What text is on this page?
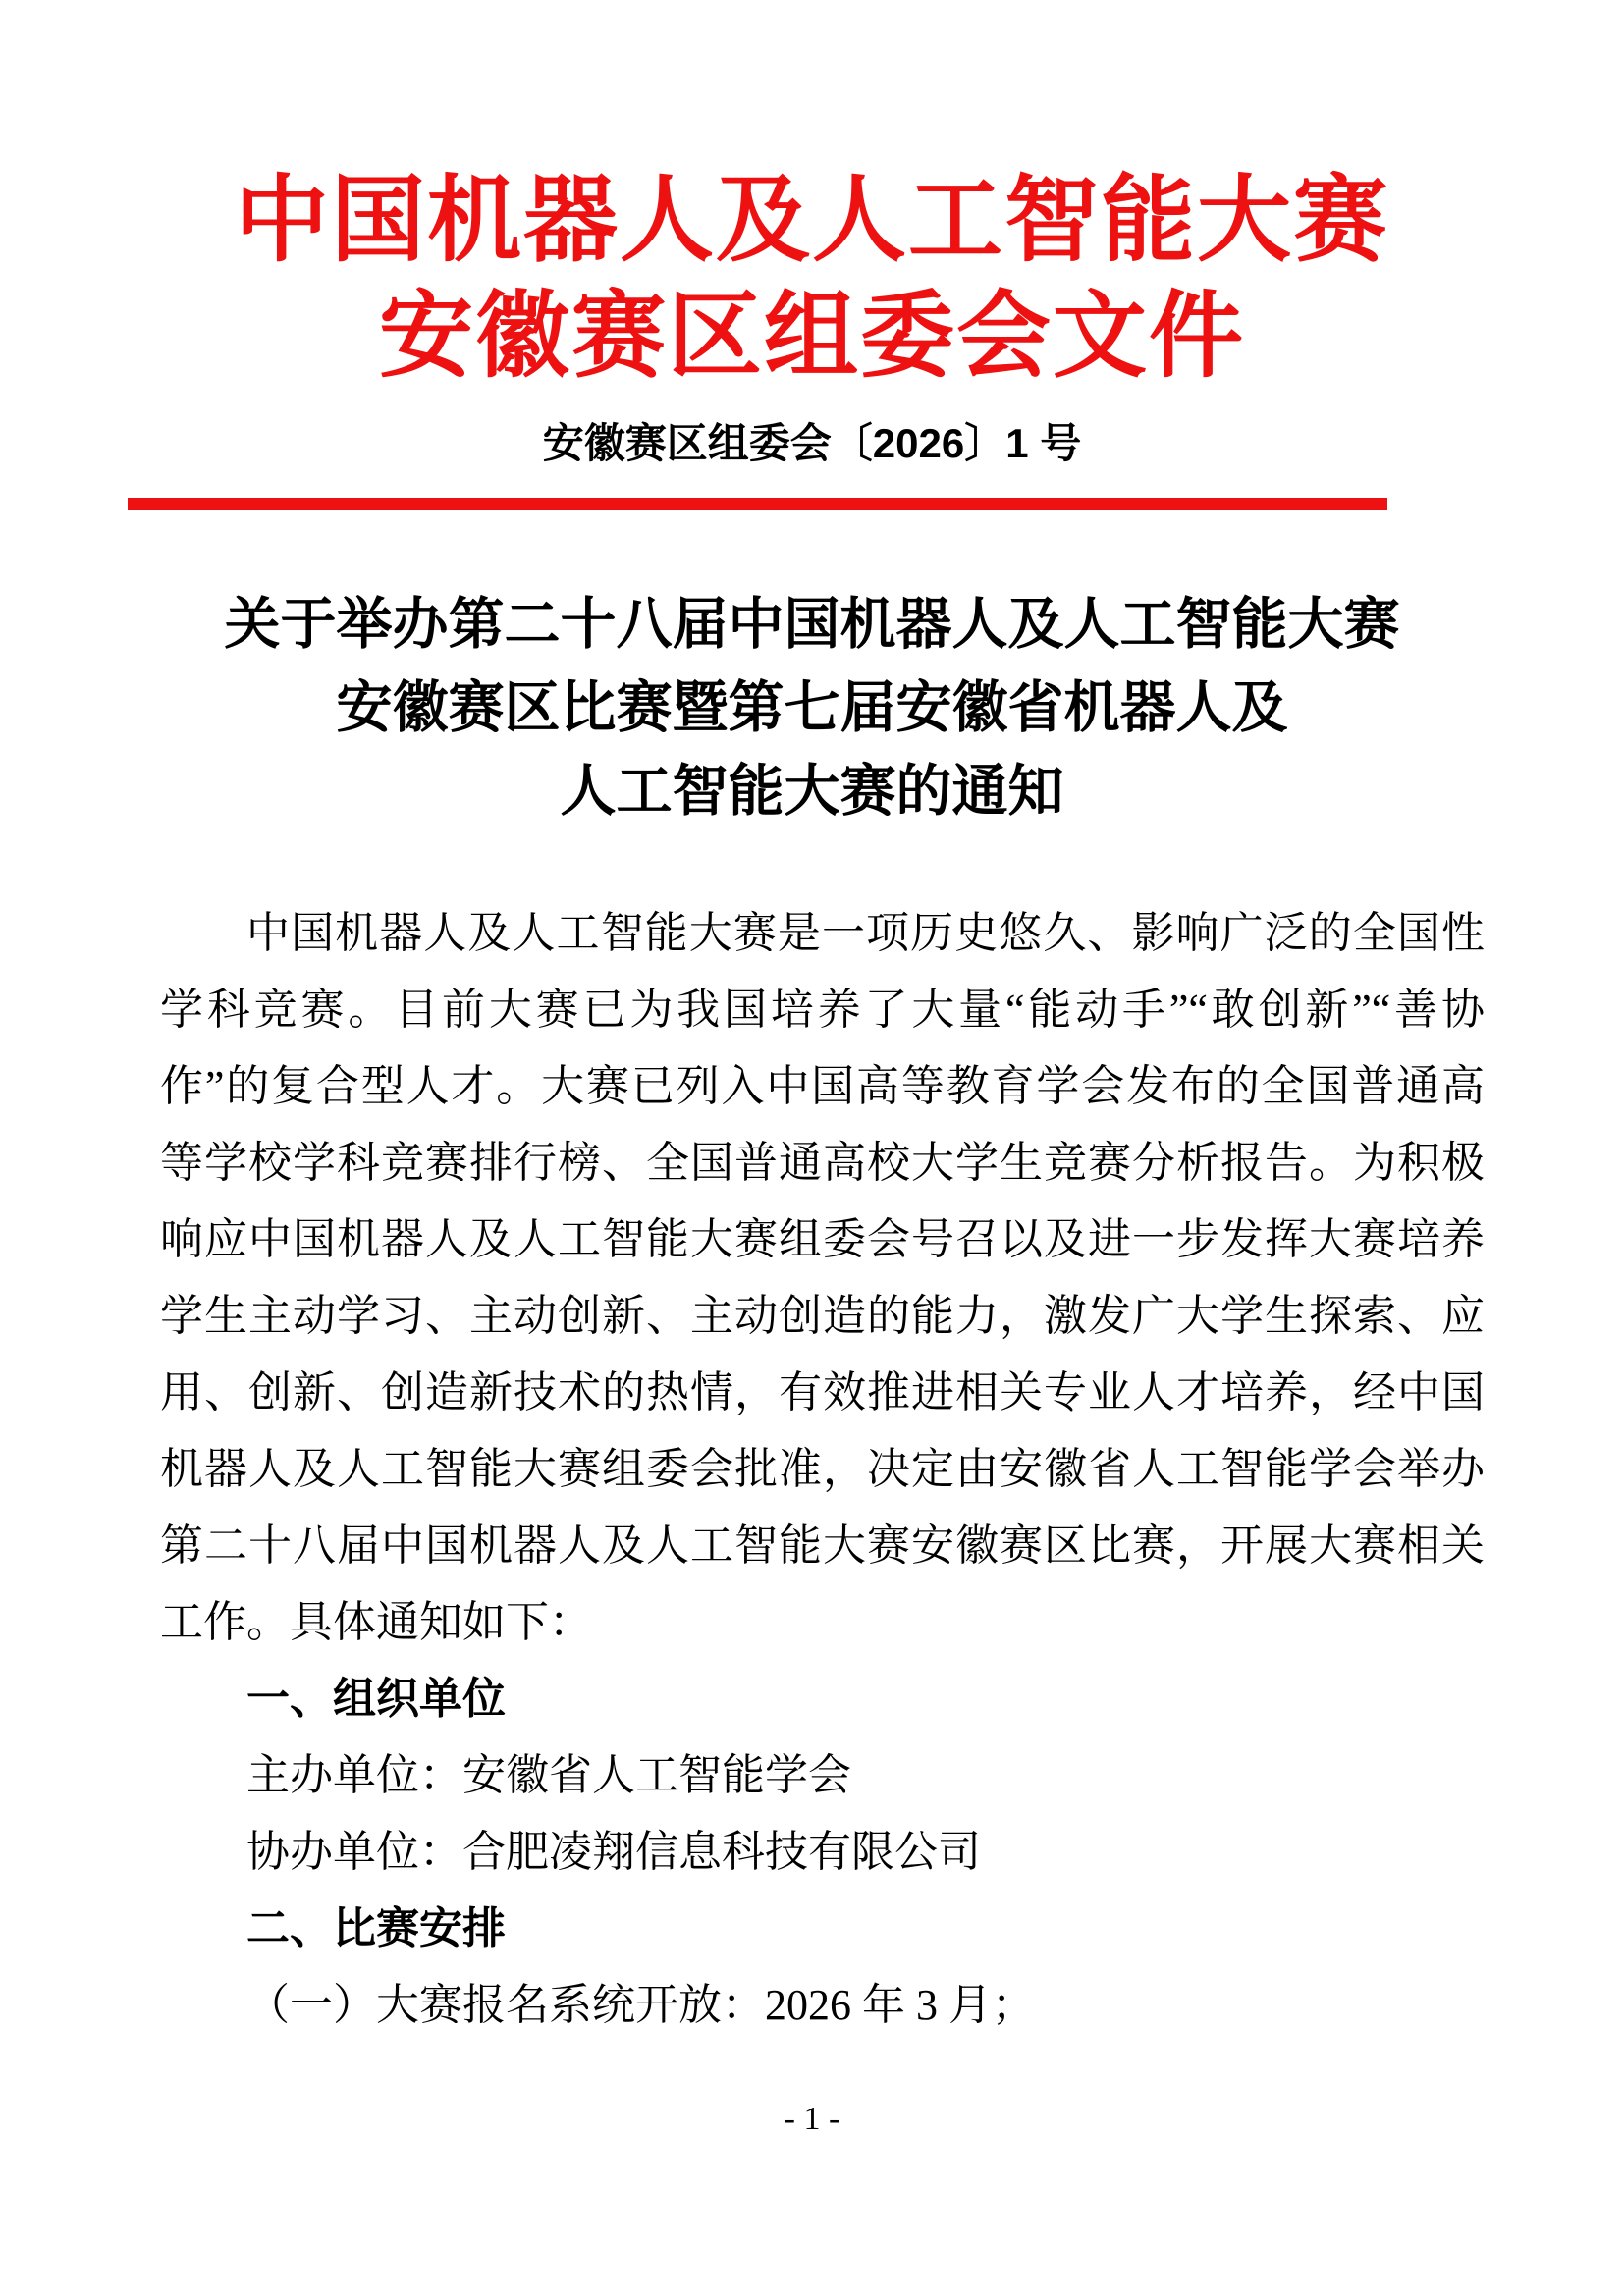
中国机器人及人工智能大赛
安徽赛区组委会文件
安徽赛区组委会〔2026〕1 号
关于举办第二十八届中国机器人及人工智能大赛
安徽赛区比赛暨第七届安徽省机器人及
人工智能大赛的通知
中国机器人及人工智能大赛是一项历史悠久、影响广泛的全国性
学科竞赛。目前大赛已为我国培养了大量“能动手”“敢创新”“善协
作”的复合型人才。大赛已列入中国高等教育学会发布的全国普通高
等学校学科竞赛排行榜、全国普通高校大学生竞赛分析报告。为积极
响应中国机器人及人工智能大赛组委会号召以及进一步发挥大赛培养
学生主动学习、主动创新、主动创造的能力，激发广大学生探索、应
用、创新、创造新技术的热情，有效推进相关专业人才培养，经中国
机器人及人工智能大赛组委会批准，决定由安徽省人工智能学会举办
第二十八届中国机器人及人工智能大赛安徽赛区比赛，开展大赛相关
工作。具体通知如下：
一、组织单位
主办单位：安徽省人工智能学会
协办单位：合肥凌翔信息科技有限公司
二、比赛安排
（一）大赛报名系统开放：2026 年 3 月；
- 1 -
